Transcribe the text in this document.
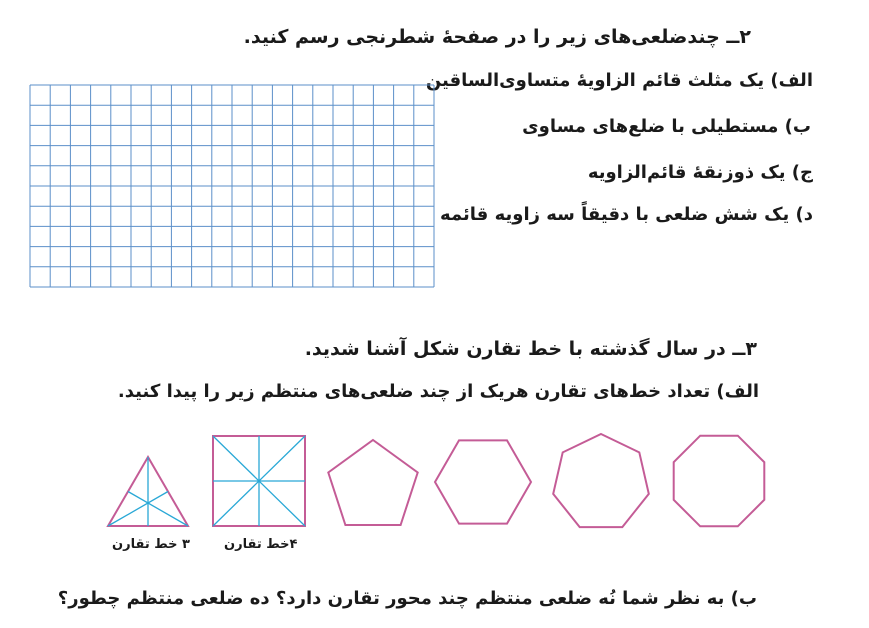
۲ــ چندضلعی‌های زیر را در صفحهٔ شطرنجی رسم کنید.
الف) یک مثلث قائم الزاویهٔ متساوی‌الساقین
ب) مستطیلی با ضلع‌های مساوی
ج) یک ذوزنقهٔ قائم‌الزاویه
د) یک شش ضلعی با دقیقاً سه زاویه قائمه
۳ــ در سال گذشته با خط تقارن شکل آشنا شدید.
الف) تعداد خط‌های تقارن هریک از چند ضلعی‌های منتظم زیر را پیدا کنید.
۳ خط تقارن	۴خط تقارن
ب) به نظر شما نُه ضلعی منتظم چند محور تقارن دارد؟ ده ضلعی منتظم چطور؟
